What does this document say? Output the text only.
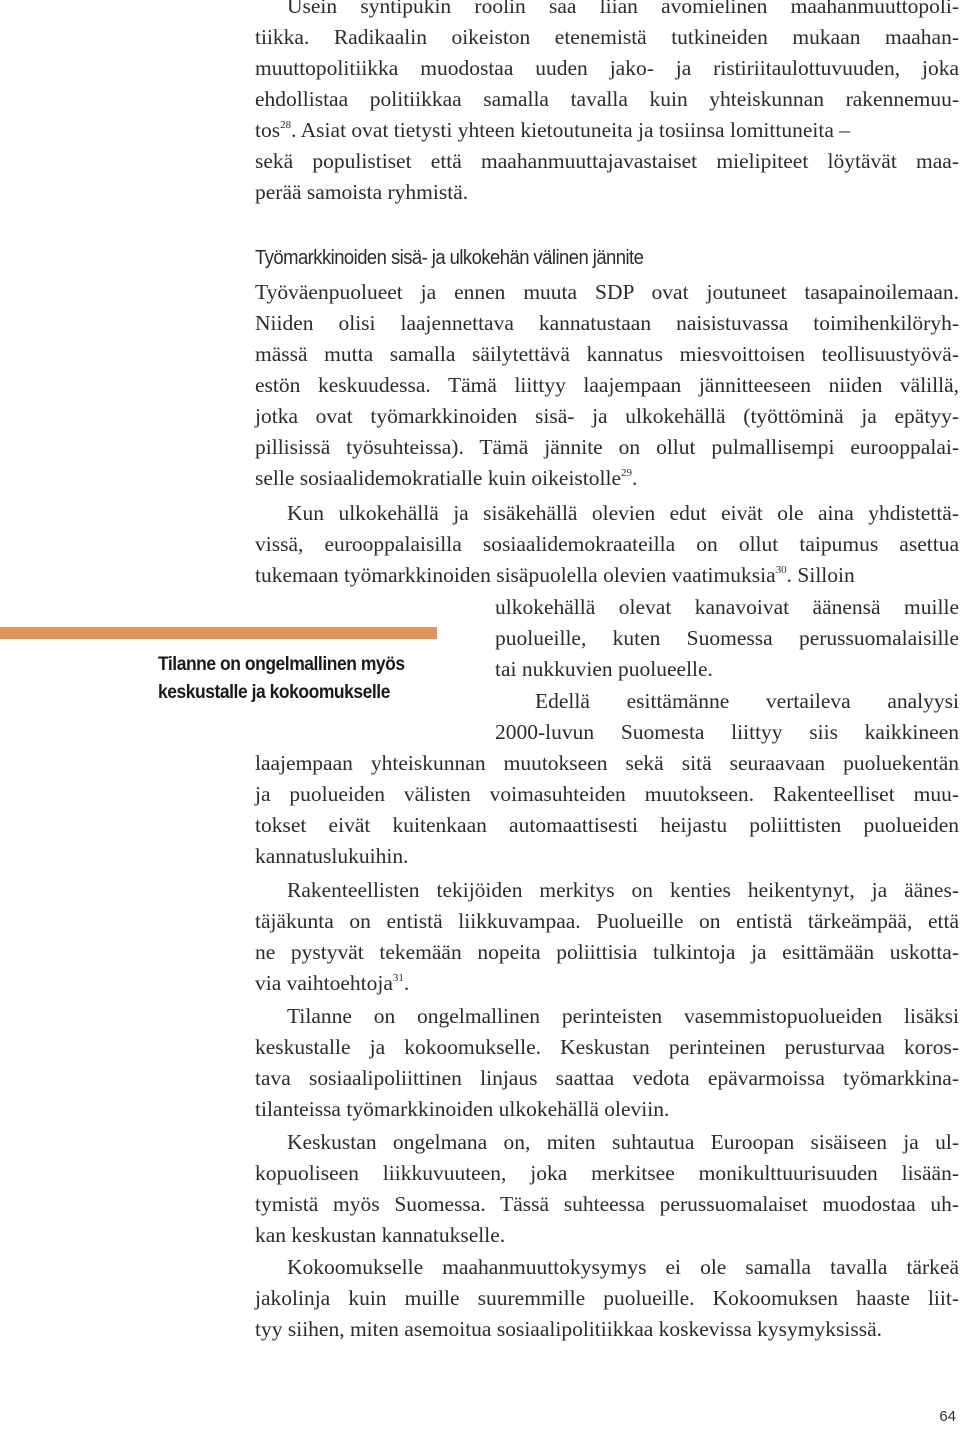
Usein syntipukin roolin saa liian avomielinen maahanmuuttopoli-
tiikka. Radikaalin oikeiston etenemistä tutkineiden mukaan maahan-
muuttopolitiikka muodostaa uuden jako- ja ristiriitaulottuvuuden, joka
ehdollistaa politiikkaa samalla tavalla kuin yhteiskunnan rakennemuu-
tos$^{28}$. Asiat ovat tietysti yhteen kietoutuneita ja tosiinsa lomittuneita –
sekä populistiset että maahanmuuttajavastaiset mielipiteet löytävät maa-
perää samoista ryhmistä.
Työmarkkinoiden sisä- ja ulkokehän välinen jännite
Työväenpuolueet ja ennen muuta SDP ovat joutuneet tasapainoilemaan.
Niiden olisi laajennettava kannatustaan naisistuvassa toimihenkilöryh-
mässä mutta samalla säilytettävä kannatus miesvoittoisen teollisuustyövä-
estön keskuudessa. Tämä liittyy laajempaan jännitteeseen niiden välillä,
jotka ovat työmarkkinoiden sisä- ja ulkokehällä (työttöminä ja epätyy-
pillisissä työsuhteissa). Tämä jännite on ollut pulmallisempi eurooppalai-
selle sosiaalidemokratialle kuin oikeistolle$^{29}$.
Kun ulkokehällä ja sisäkehällä olevien edut eivät ole aina yhdistettä-
vissä, eurooppalaisilla sosiaalidemokraateilla on ollut taipumus asettua
tukemaan työmarkkinoiden sisäpuolella olevien vaatimuksia$^{30}$. Silloin
ulkokehällä olevat kanavoivat äänensä muille
puolueille, kuten Suomessa perussuomalaisille
tai nukkuvien puolueelle.
Tilanne on ongelmallinen myös
keskustalle ja kokoomukselle	Edellä esittämänne vertaileva analyysi
2000-luvun Suomesta liittyy siis kaikkineen
laajempaan yhteiskunnan muutokseen sekä sitä seuraavaan puoluekentän
ja puolueiden välisten voimasuhteiden muutokseen. Rakenteelliset muu-
tokset eivät kuitenkaan automaattisesti heijastu poliittisten puolueiden
kannatuslukuihin.
Rakenteellisten tekijöiden merkitys on kenties heikentynyt, ja äänes-
täjäkunta on entistä liikkuvampaa. Puolueille on entistä tärkeämpää, että
ne pystyvät tekemään nopeita poliittisia tulkintoja ja esittämään uskotta-
via vaihtoehtoja$^{31}$.
Tilanne on ongelmallinen perinteisten vasemmistopuolueiden lisäksi
keskustalle ja kokoomukselle. Keskustan perinteinen perusturvaa koros-
tava sosiaalipoliittinen linjaus saattaa vedota epävarmoissa työmarkkina-
tilanteissa työmarkkinoiden ulkokehällä oleviin.
Keskustan ongelmana on, miten suhtautua Euroopan sisäiseen ja ul-
kopuoliseen liikkuvuuteen, joka merkitsee monikulttuurisuuden lisään-
tymistä myös Suomessa. Tässä suhteessa perussuomalaiset muodostaa uh-
kan keskustan kannatukselle.
Kokoomukselle maahanmuuttokysymys ei ole samalla tavalla tärkeä
jakolinja kuin muille suuremmille puolueille. Kokoomuksen haaste liit-
tyy siihen, miten asemoitua sosiaalipolitiikkaa koskevissa kysymyksissä.
64
